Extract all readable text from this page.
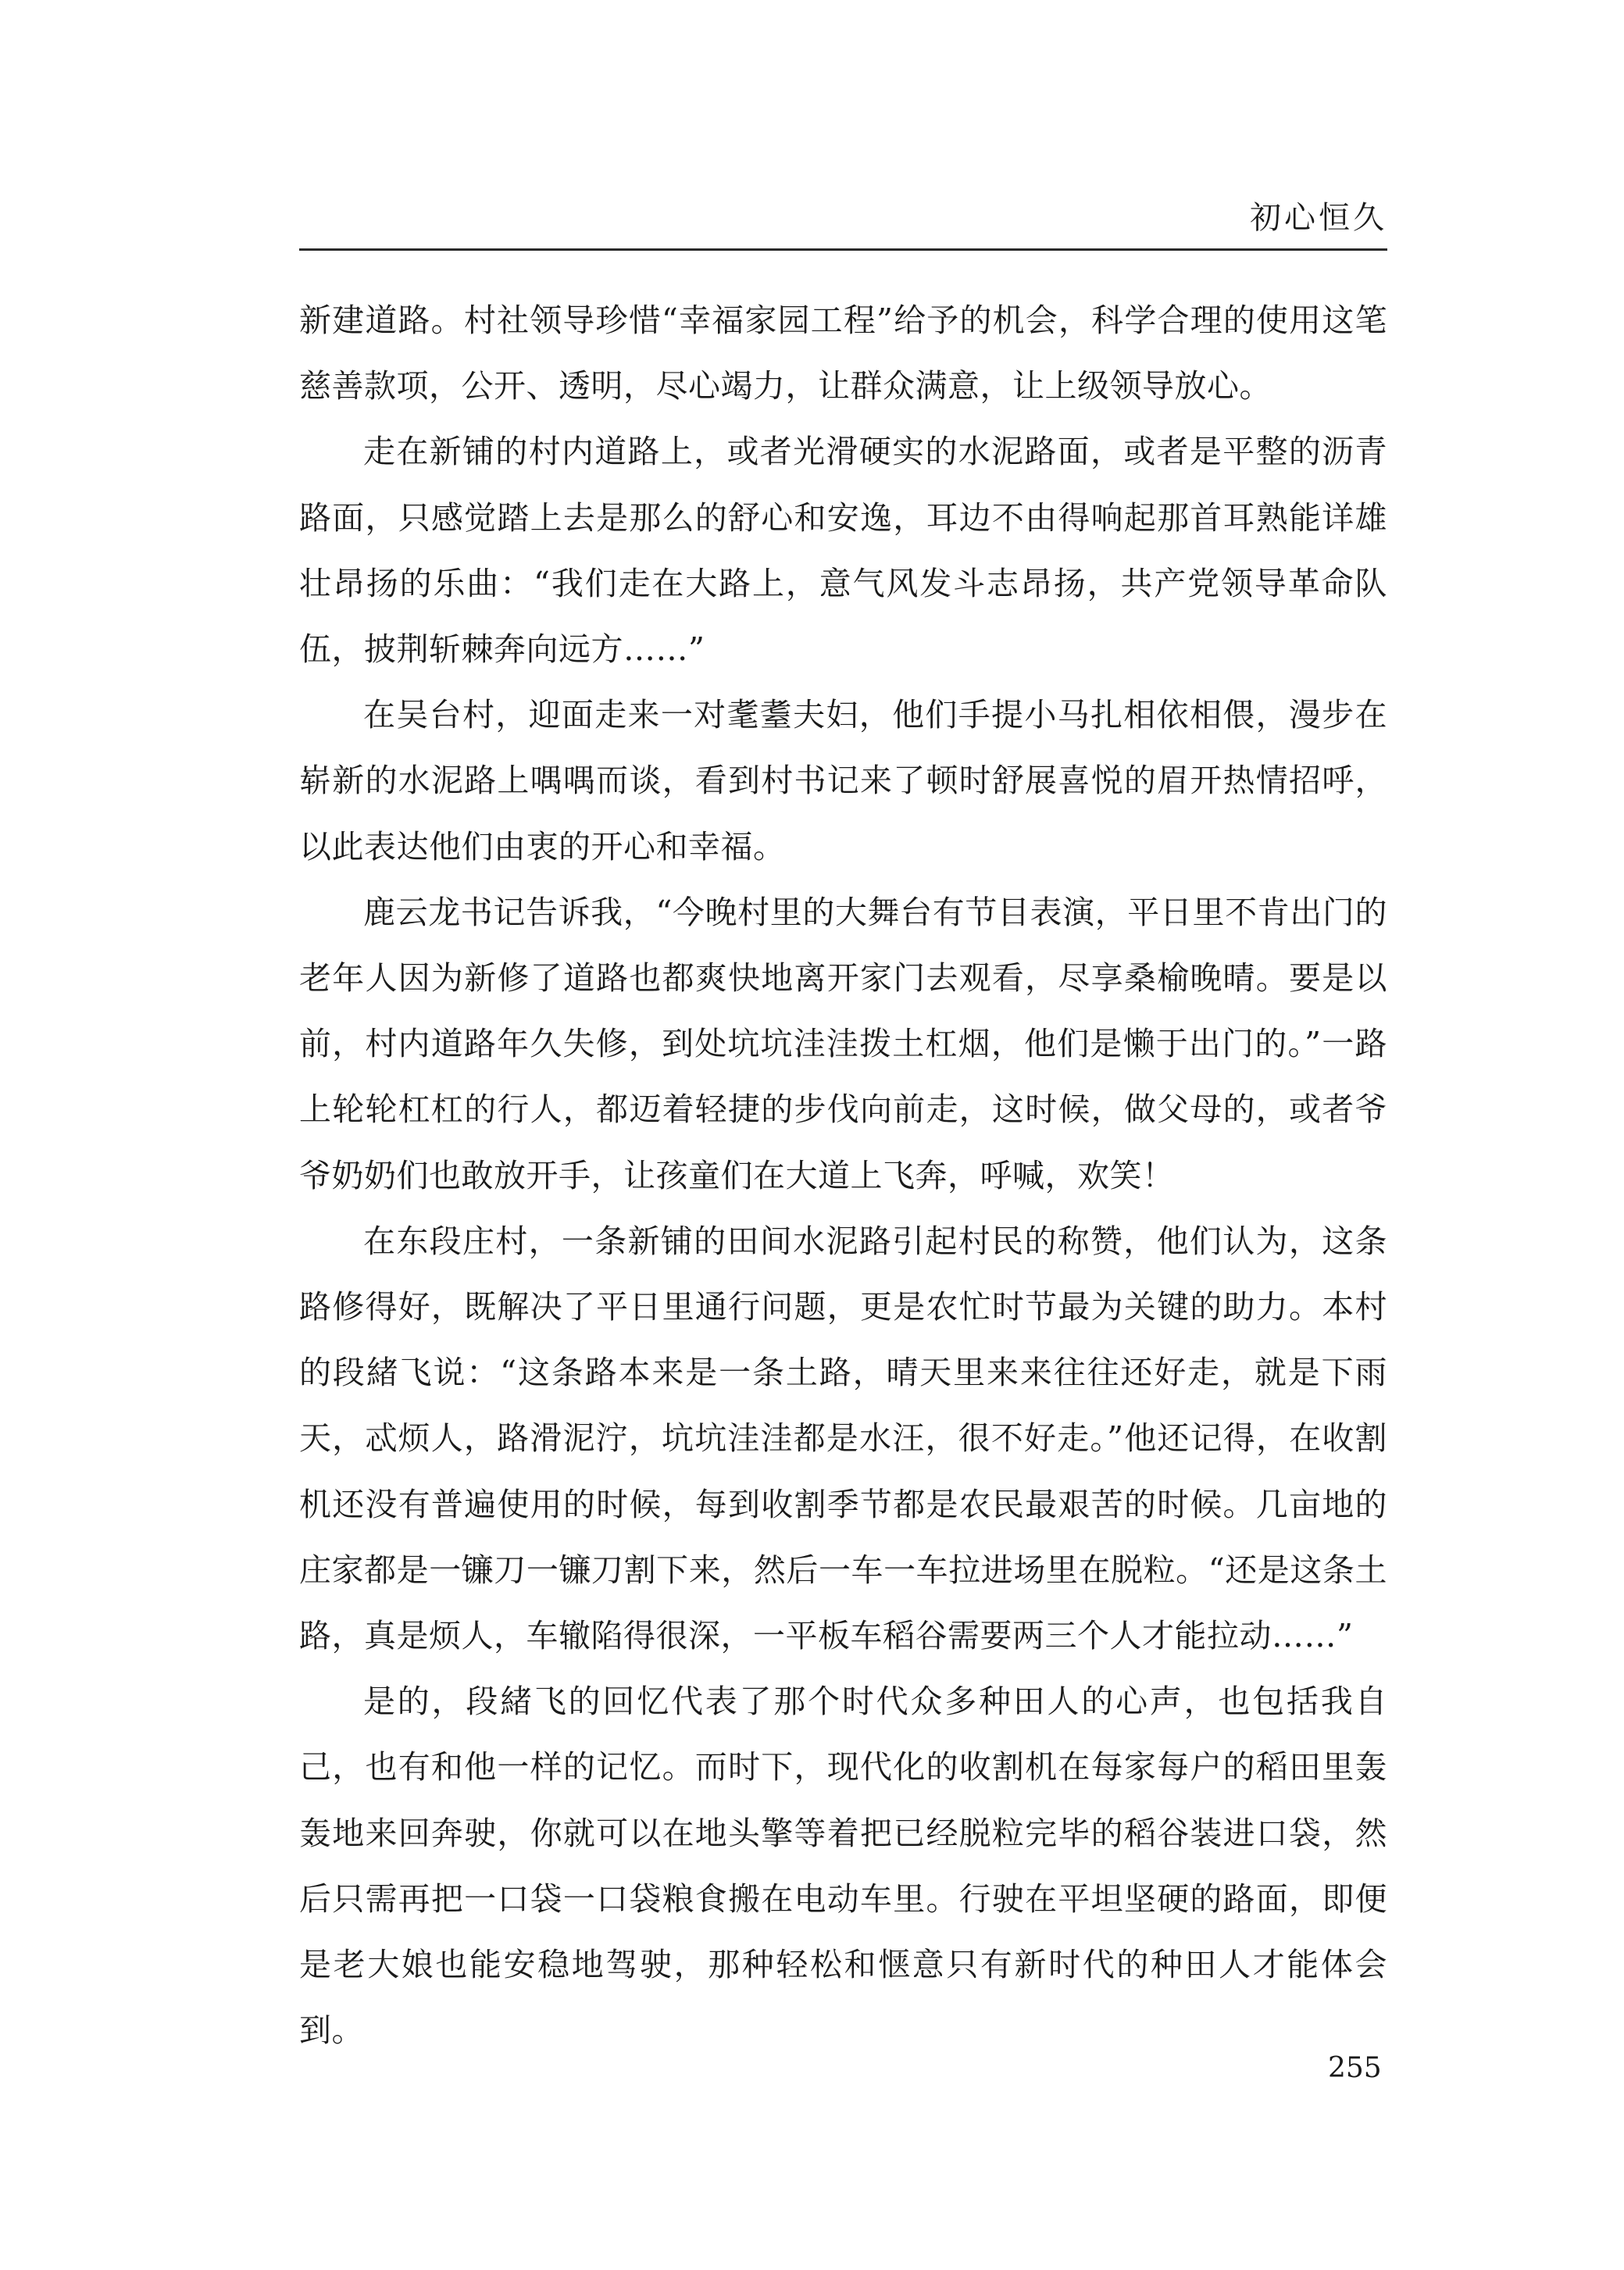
初心恒久

新建道路。村社领导珍惜“幸福家园工程”给予的机会，科学合理的使用这笔慈善款项，公开、透明，尽心竭力，让群众满意，让上级领导放心。

走在新铺的村内道路上，或者光滑硬实的水泥路面，或者是平整的沥青路面，只感觉踏上去是那么的舒心和安逸，耳边不由得响起那首耳熟能详雄壮昂扬的乐曲：“我们走在大路上，意气风发斗志昂扬，共产党领导革命队伍，披荆斩棘奔向远方……”

在吴台村，迎面走来一对耄耋夫妇，他们手提小马扎相依相偎，漫步在崭新的水泥路上喁喁而谈，看到村书记来了顿时舒展喜悦的眉开热情招呼，以此表达他们由衷的开心和幸福。

鹿云龙书记告诉我，“今晚村里的大舞台有节目表演，平日里不肯出门的老年人因为新修了道路也都爽快地离开家门去观看，尽享桑榆晚晴。要是以前，村内道路年久失修，到处坑坑洼洼拨土杠烟，他们是懒于出门的。”一路上轮轮杠杠的行人，都迈着轻捷的步伐向前走，这时候，做父母的，或者爷爷奶奶们也敢放开手，让孩童们在大道上飞奔，呼喊，欢笑！

在东段庄村，一条新铺的田间水泥路引起村民的称赞，他们认为，这条路修得好，既解决了平日里通行问题，更是农忙时节最为关键的助力。本村的段緒飞说：“这条路本来是一条土路，晴天里来来往往还好走，就是下雨天，忒烦人，路滑泥泞，坑坑洼洼都是水汪，很不好走。”他还记得，在收割机还没有普遍使用的时候，每到收割季节都是农民最艰苦的时候。几亩地的庄家都是一镰刀一镰刀割下来，然后一车一车拉进场里在脱粒。“还是这条土路，真是烦人，车辙陷得很深，一平板车稻谷需要两三个人才能拉动……”

是的，段緒飞的回忆代表了那个时代众多种田人的心声，也包括我自己，也有和他一样的记忆。而时下，现代化的收割机在每家每户的稻田里轰轰地来回奔驶，你就可以在地头擎等着把已经脱粒完毕的稻谷装进口袋，然后只需再把一口袋一口袋粮食搬在电动车里。行驶在平坦坚硬的路面，即便是老大娘也能安稳地驾驶，那种轻松和惬意只有新时代的种田人才能体会到。

255
